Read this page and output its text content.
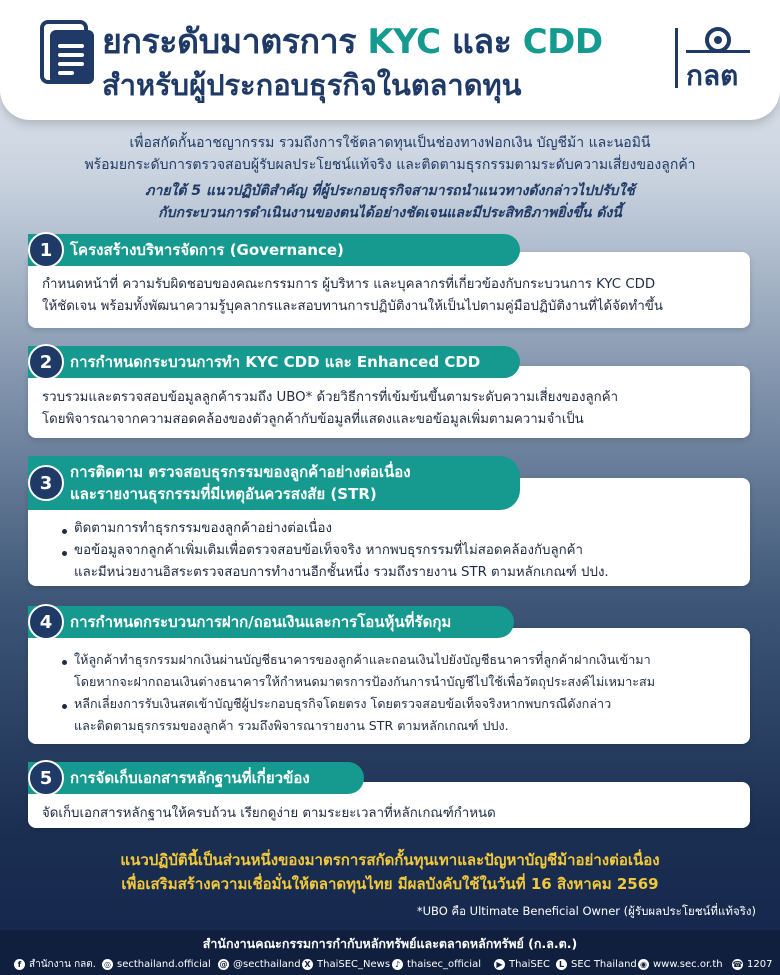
ยกระดับมาตรการ KYC และ CDD
สำหรับผู้ประกอบธุรกิจในตลาดทุน	กลต
เพื่อสกัดกั้นอาชญากรรม รวมถึงการใช้ตลาดทุนเป็นช่องทางฟอกเงิน บัญชีม้า และนอมินี
พร้อมยกระดับการตรวจสอบผู้รับผลประโยชน์แท้จริง และติดตามธุรกรรมตามระดับความเสี่ยงของลูกค้า
ภายใต้ 5 แนวปฏิบัติสำคัญ ที่ผู้ประกอบธุรกิจสามารถนำแนวทางดังกล่าวไปปรับใช้
กับกระบวนการดำเนินงานของตนได้อย่างชัดเจนและมีประสิทธิภาพยิ่งขึ้น ดังนี้
โครงสร้างบริหารจัดการ (Governance)
1
กำหนดหน้าที่ ความรับผิดชอบของคณะกรรมการ ผู้บริหาร และบุคลากรที่เกี่ยวข้องกับกระบวนการ KYC CDD
ให้ชัดเจน พร้อมทั้งพัฒนาความรู้บุคลากรและสอบทานการปฏิบัติงานให้เป็นไปตามคู่มือปฏิบัติงานที่ได้จัดทำขึ้น
การกำหนดกระบวนการทำ KYC CDD และ Enhanced CDD
2
รวบรวมและตรวจสอบข้อมูลลูกค้ารวมถึง UBO* ด้วยวิธีการที่เข้มข้นขึ้นตามระดับความเสี่ยงของลูกค้า
โดยพิจารณาจากความสอดคล้องของตัวลูกค้ากับข้อมูลที่แสดงและขอข้อมูลเพิ่มตามความจำเป็น
การติดตาม ตรวจสอบธุรกรรมของลูกค้าอย่างต่อเนื่อง
และรายงานธุรกรรมที่มีเหตุอันควรสงสัย (STR)
3
ติดตามการทำธุรกรรมของลูกค้าอย่างต่อเนื่อง
ขอข้อมูลจากลูกค้าเพิ่มเติมเพื่อตรวจสอบข้อเท็จจริง หากพบธุรกรรมที่ไม่สอดคล้องกับลูกค้า
และมีหน่วยงานอิสระตรวจสอบการทำงานอีกชั้นหนึ่ง รวมถึงรายงาน STR ตามหลักเกณฑ์ ปปง.
การกำหนดกระบวนการฝาก/ถอนเงินและการโอนหุ้นที่รัดกุม
4
ให้ลูกค้าทำธุรกรรมฝากเงินผ่านบัญชีธนาคารของลูกค้าและถอนเงินไปยังบัญชีธนาคารที่ลูกค้าฝากเงินเข้ามา
โดยหากจะฝากถอนเงินต่างธนาคารให้กำหนดมาตรการป้องกันการนำบัญชีไปใช้เพื่อวัตถุประสงค์ไม่เหมาะสม
หลีกเลี่ยงการรับเงินสดเข้าบัญชีผู้ประกอบธุรกิจโดยตรง โดยตรวจสอบข้อเท็จจริงหากพบกรณีดังกล่าว
และติดตามธุรกรรมของลูกค้า รวมถึงพิจารณารายงาน STR ตามหลักเกณฑ์ ปปง.
การจัดเก็บเอกสารหลักฐานที่เกี่ยวข้อง
5
จัดเก็บเอกสารหลักฐานให้ครบถ้วน เรียกดูง่าย ตามระยะเวลาที่หลักเกณฑ์กำหนด
แนวปฏิบัตินี้เป็นส่วนหนึ่งของมาตรการสกัดกั้นทุนเทาและปัญหาบัญชีม้าอย่างต่อเนื่อง
เพื่อเสริมสร้างความเชื่อมั่นให้ตลาดทุนไทย มีผลบังคับใช้ในวันที่ 16 สิงหาคม 2569
*UBO คือ Ultimate Beneficial Owner (ผู้รับผลประโยชน์ที่แท้จริง)
สำนักงานคณะกรรมการกำกับหลักทรัพย์และตลาดหลักทรัพย์ (ก.ล.ต.)
f สำนักงาน กลต. ◎ secthailand.official @ @secthailand X ThaiSEC_News ♪ thaisec_official	▶ ThaiSEC	L SEC Thailand ◉ www.sec.or.th ☎ 1207
